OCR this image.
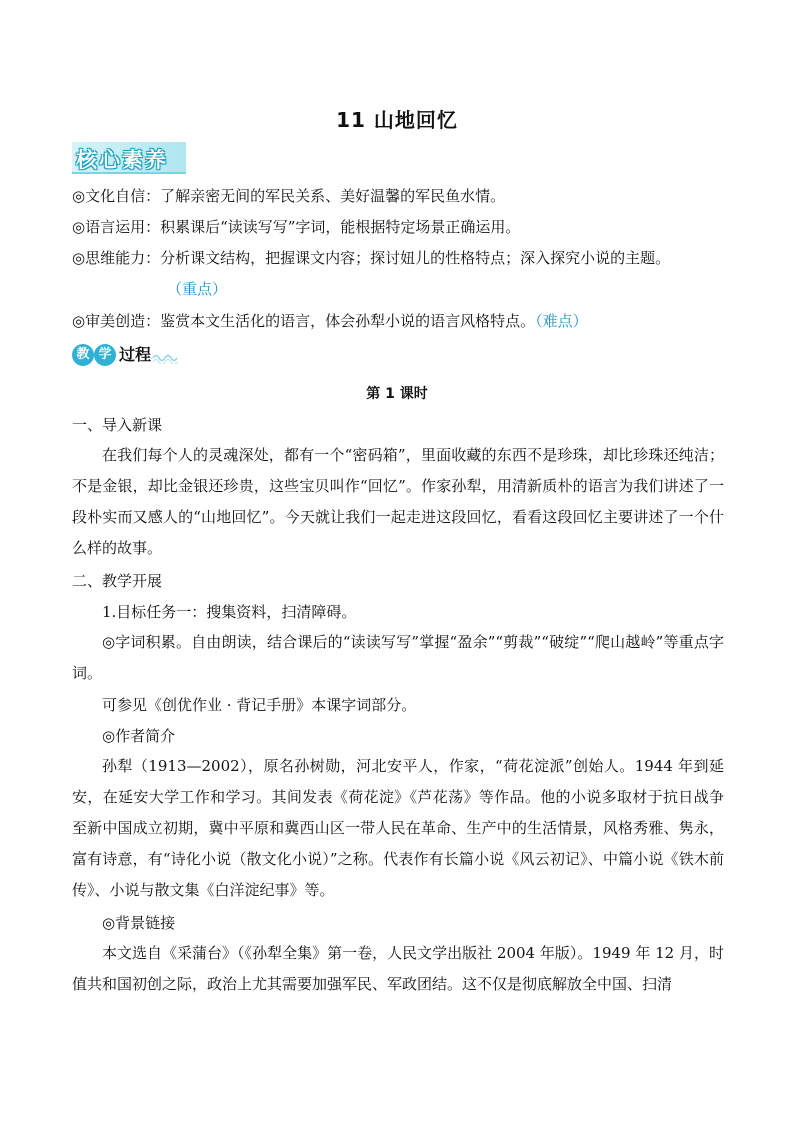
11 山地回忆
核心素养
◎文化自信：了解亲密无间的军民关系、美好温馨的军民鱼水情。
◎语言运用：积累课后“读读写写”字词，能根据特定场景正确运用。
◎思维能力：分析课文结构，把握课文内容；探讨妞儿的性格特点；深入探究小说的主题。
（重点）
◎审美创造：鉴赏本文生活化的语言，体会孙犁小说的语言风格特点。（难点）
教 学 过程
第 1 课时
一、导入新课

在我们每个人的灵魂深处，都有一个“密码箱”，里面收藏的东西不是珍珠，却比珍珠还纯洁；不是金银，却比金银还珍贵，这些宝贝叫作“回忆”。作家孙犁，用清新质朴的语言为我们讲述了一段朴实而又感人的“山地回忆”。今天就让我们一起走进这段回忆，看看这段回忆主要讲述了一个什么样的故事。

二、教学开展
1.目标任务一：搜集资料，扫清障碍。

◎字词积累。自由朗读，结合课后的“读读写写”掌握“盈余”“剪裁”“破绽”“爬山越岭”等重点字词。

可参见《创优作业 · 背记手册》本课字词部分。
◎作者简介

孙犁（1913—2002），原名孙树勋，河北安平人，作家，“荷花淀派”创始人。1944 年到延安，在延安大学工作和学习。其间发表《荷花淀》《芦花荡》等作品。他的小说多取材于抗日战争至新中国成立初期，冀中平原和冀西山区一带人民在革命、生产中的生活情景，风格秀雅、隽永，富有诗意，有“诗化小说（散文化小说）”之称。代表作有长篇小说《风云初记》、中篇小说《铁木前传》、小说与散文集《白洋淀纪事》等。

◎背景链接

本文选自《采蒲台》（《孙犁全集》第一卷，人民文学出版社 2004 年版）。1949 年 12 月，时值共和国初创之际，政治上尤其需要加强军民、军政团结。这不仅是彻底解放全中国、扫清
